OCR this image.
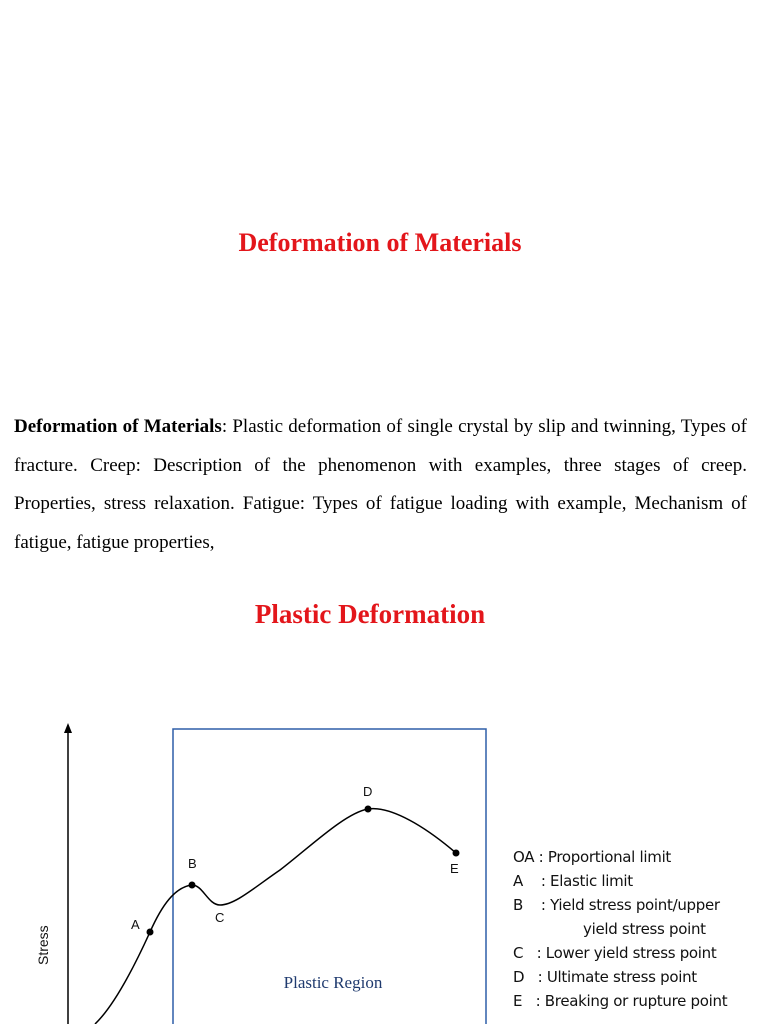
Deformation of Materials

Deformation of Materials: Plastic deformation of single crystal by slip and twinning, Types of fracture. Creep: Description of the phenomenon with examples, three stages of creep. Properties, stress relaxation. Fatigue: Types of fatigue loading with example, Mechanism of fatigue, fatigue properties,

Plastic Deformation
Stress
Plastic Region
A
B
C
D
E
OA : Proportional limit
A    : Elastic limit
B    : Yield stress point/upper
yield stress point
C   : Lower yield stress point
D   : Ultimate stress point
E   : Breaking or rupture point
